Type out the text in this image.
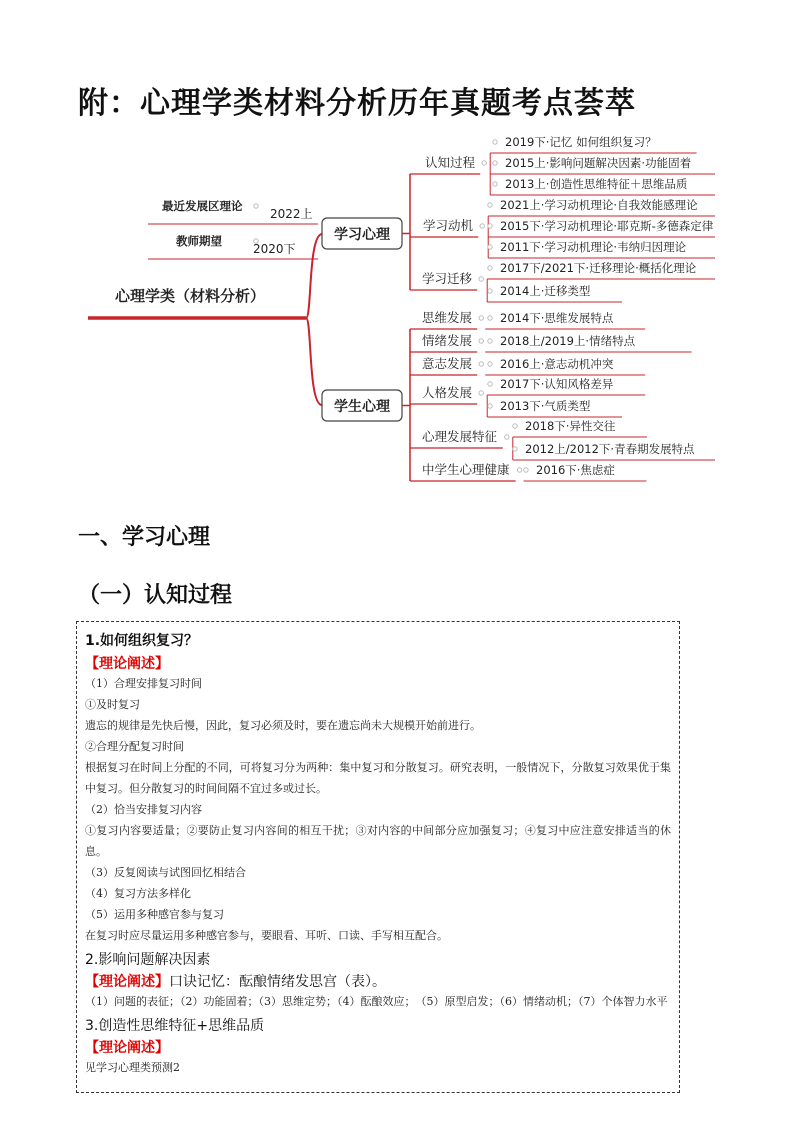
附：心理学类材料分析历年真题考点荟萃
心理学类（材料分析）
最近发展区理论
2022上
教师期望
2020下
学习心理
认知过程
2019下·记忆 如何组织复习？
2015上·影响问题解决因素·功能固着
2013上·创造性思维特征＋思维品质
学习动机
2021上·学习动机理论·自我效能感理论
2015下·学习动机理论·耶克斯-多德森定律
2011下·学习动机理论·韦纳归因理论
学习迁移
2017下/2021下·迁移理论·概括化理论
2014上·迁移类型
学生心理
思维发展 2014下·思维发展特点
情绪发展 2018上/2019上·情绪特点
意志发展 2016上·意志动机冲突
人格发展
2017下·认知风格差异
2013下·气质类型
心理发展特征
2018下·异性交往
2012上/2012下·青春期发展特点
中学生心理健康 2016下·焦虑症
一、学习心理
（一）认知过程
1.如何组织复习？
【理论阐述】
（1）合理安排复习时间
①及时复习
遗忘的规律是先快后慢，因此，复习必须及时，要在遗忘尚未大规模开始前进行。
②合理分配复习时间
根据复习在时间上分配的不同，可将复习分为两种：集中复习和分散复习。研究表明，一般情况下，分散复习效果优于集中复习。但分散复习的时间间隔不宜过多或过长。
（2）恰当安排复习内容
①复习内容要适量；②要防止复习内容间的相互干扰；③对内容的中间部分应加强复习；④复习中应注意安排适当的休息。
（3）反复阅读与试图回忆相结合
（4）复习方法多样化
（5）运用多种感官参与复习
在复习时应尽量运用多种感官参与，要眼看、耳听、口读、手写相互配合。
2.影响问题解决因素
【理论阐述】口诀记忆：酝酿情绪发思宫（表）。
（1）问题的表征；（2）功能固着；（3）思维定势；（4）酝酿效应；　（5）原型启发；（6）情绪动机；（7）个体智力水平
3.创造性思维特征+思维品质
【理论阐述】
见学习心理类预测2
